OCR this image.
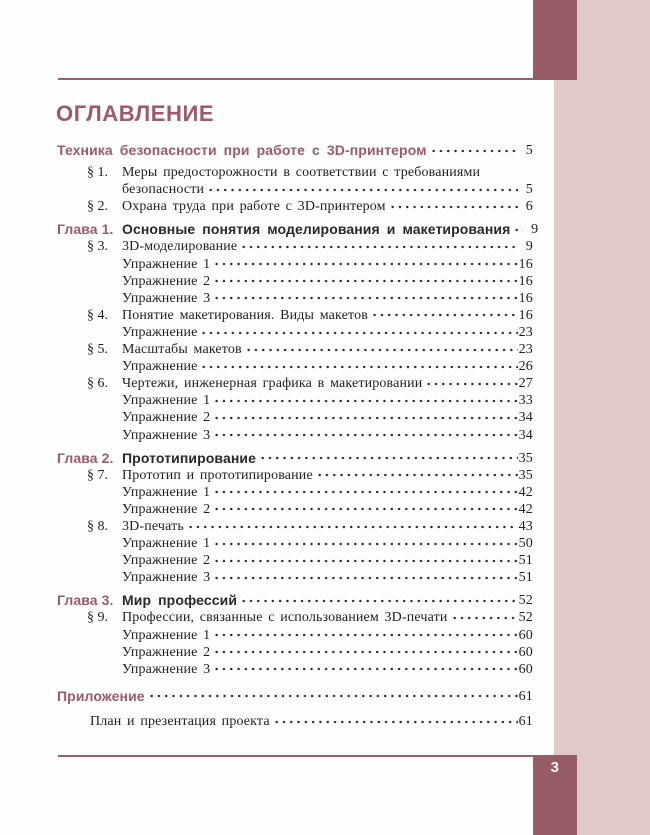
3
ОГЛАВЛЕНИЕ
Техника безопасности при работе с 3D-принтером	5
§ 1.	Меры предосторожности в соответствии с требованиями
безопасности	5
§ 2.	Охрана труда при работе с 3D-принтером	6
Глава 1. Основные понятия моделирования и макетирования	9
§ 3.	3D-моделирование	9
Упражнение 1	16
Упражнение 2	16
Упражнение 3	16
§ 4.	Понятие макетирования. Виды макетов	16
Упражнение	23
§ 5.	Масштабы макетов	23
Упражнение	26
§ 6.	Чертежи, инженерная графика в макетировании	27
Упражнение 1	33
Упражнение 2	34
Упражнение 3	34
Глава 2. Прототипирование	35
§ 7.	Прототип и прототипирование	35
Упражнение 1	42
Упражнение 2	42
§ 8.	3D-печать	43
Упражнение 1	50
Упражнение 2	51
Упражнение 3	51
Глава 3. Мир профессий	52
§ 9.	Профессии, связанные с использованием 3D-печати	52
Упражнение 1	60
Упражнение 2	60
Упражнение 3	60
Приложение	61
План и презентация проекта	61
